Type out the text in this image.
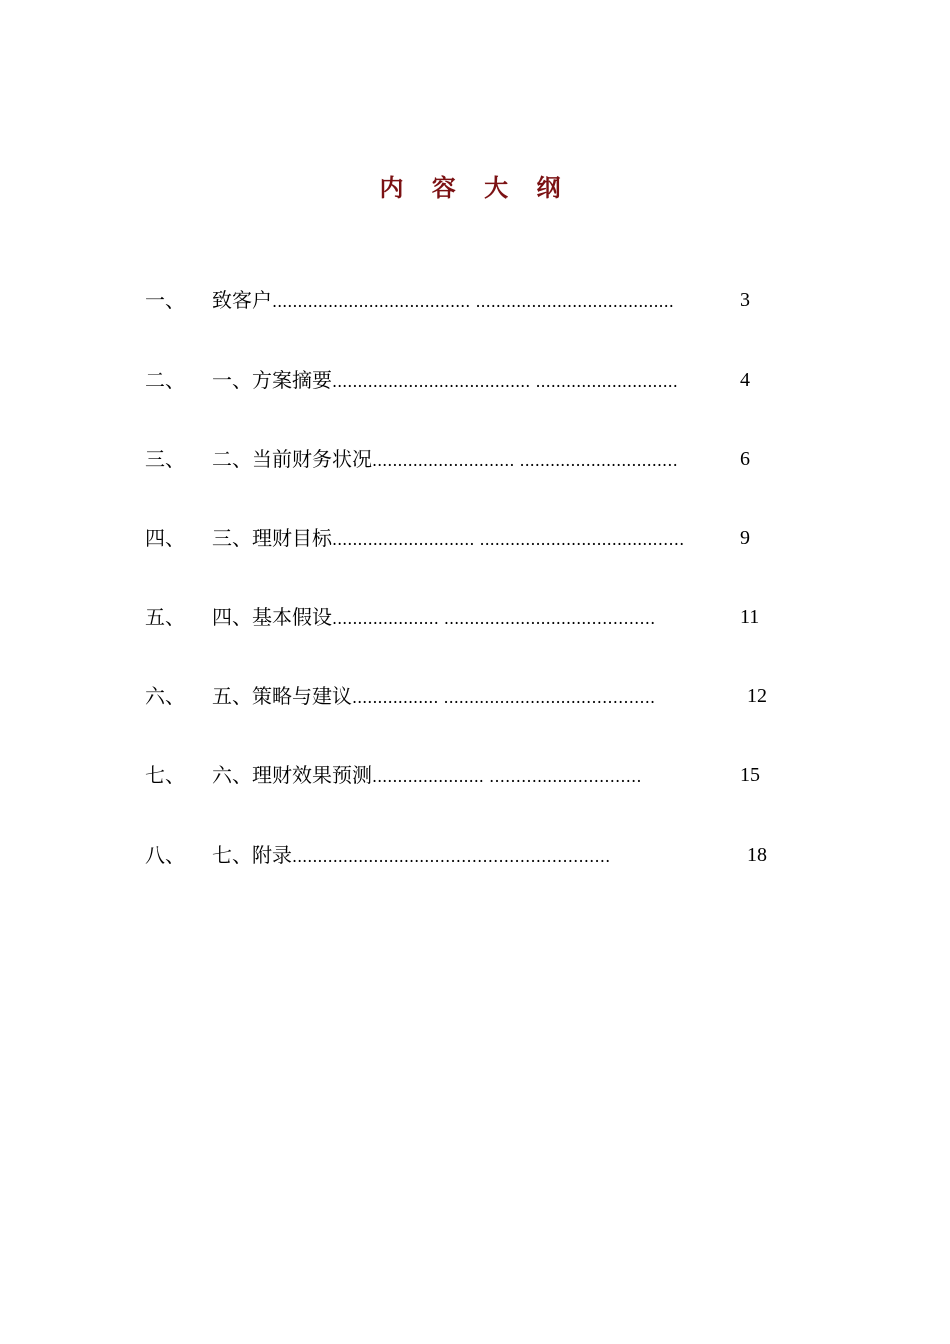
内 容 大 纲
一、 致客户....................................... .......................................	3
二、 一、方案摘要....................................... ............................	4
三、 二、当前财务状况............................ ............................…	6
四、 三、理财目标............................ ..................................……	9
五、 四、基本假设..................... .............................…………	11
六、 五、策略与建议................. ............................………….	12
七、 六、理财效果预测...................... ………........…………	15
八、 七、附录............................……………………………	18
